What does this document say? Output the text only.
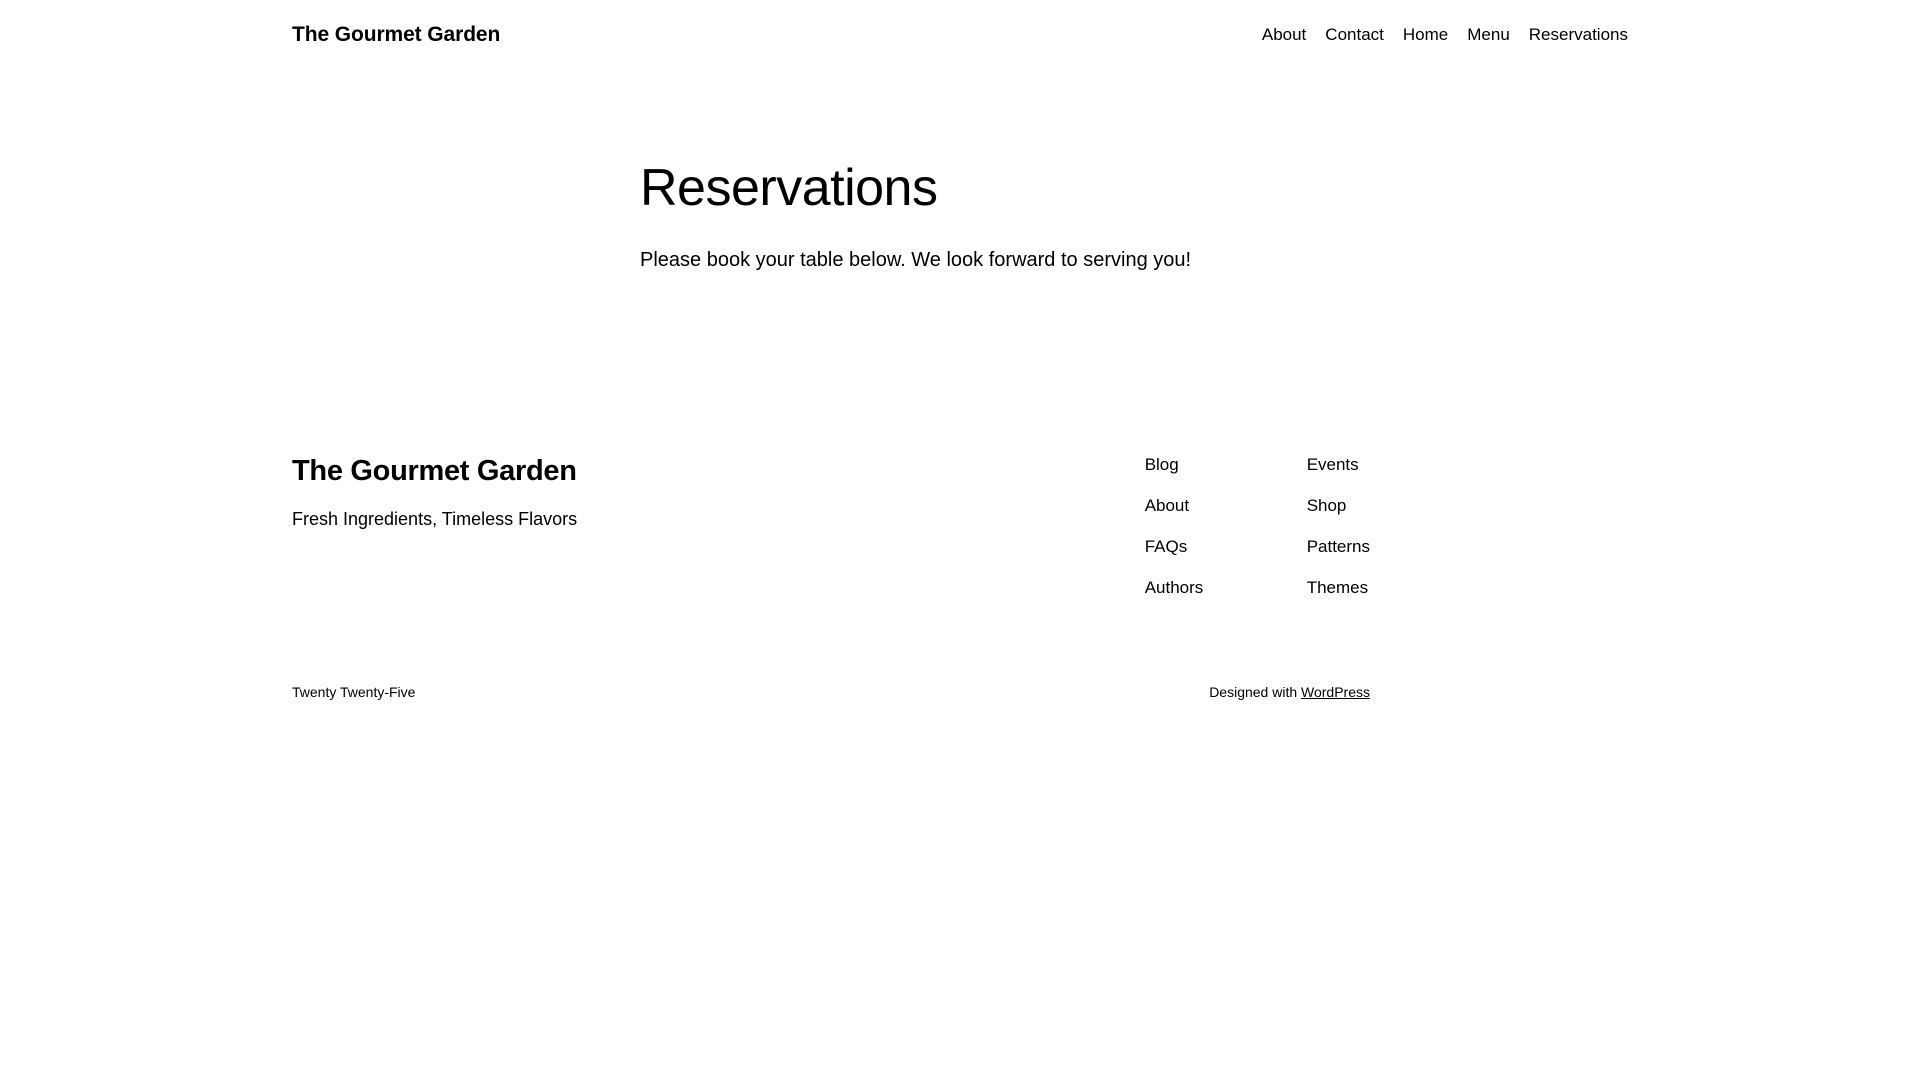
The Gourmet Garden	About Contact Home Menu Reservations
Reservations

Please book your table below. We look forward to serving you!

The Gourmet Garden

Fresh Ingredients, Timeless Flavors

Blog
About
FAQs
Authors
Events
Shop
Patterns
Themes
Twenty Twenty-Five	Designed with WordPress
